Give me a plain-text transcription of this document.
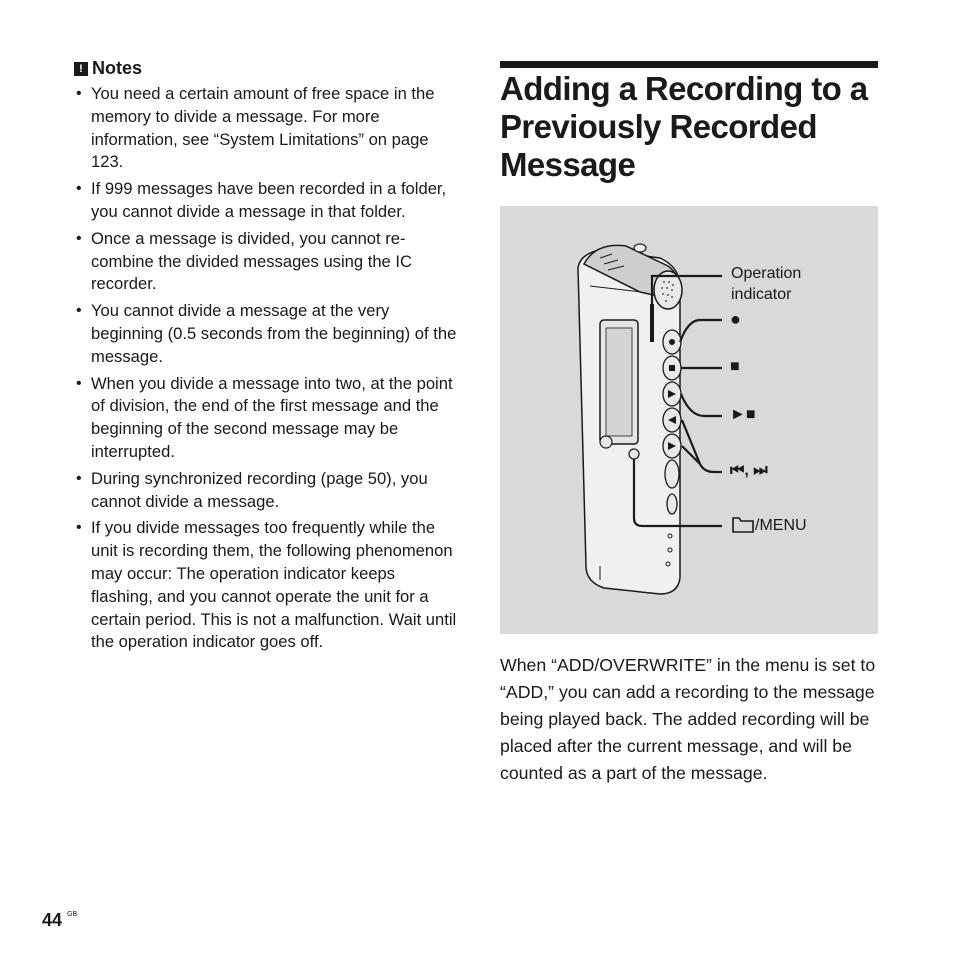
! Notes
• You need a certain amount of free space in the memory to divide a message. For more information, see “System Limitations” on page 123.
• If 999 messages have been recorded in a folder, you cannot divide a message in that folder.
• Once a message is divided, you cannot re-combine the divided messages using the IC recorder.
• You cannot divide a message at the very beginning (0.5 seconds from the beginning) of the message.
• When you divide a message into two, at the point of division, the end of the first message and the beginning of the second message may be interrupted.
• During synchronized recording (page 50), you cannot divide a message.
• If you divide messages too frequently while the unit is recording them, the following phenomenon may occur: The operation indicator keeps flashing, and you cannot operate the unit for a certain period. This is not a malfunction. Wait until the operation indicator goes off.
Adding a Recording to a Previously Recorded Message
Operation indicator
●
■
►■
⏮, ⏭
/MENU

When “ADD/OVERWRITE” in the menu is set to “ADD,” you can add a recording to the message being played back. The added recording will be placed after the current message, and will be counted as a part of the message.

44 GB
